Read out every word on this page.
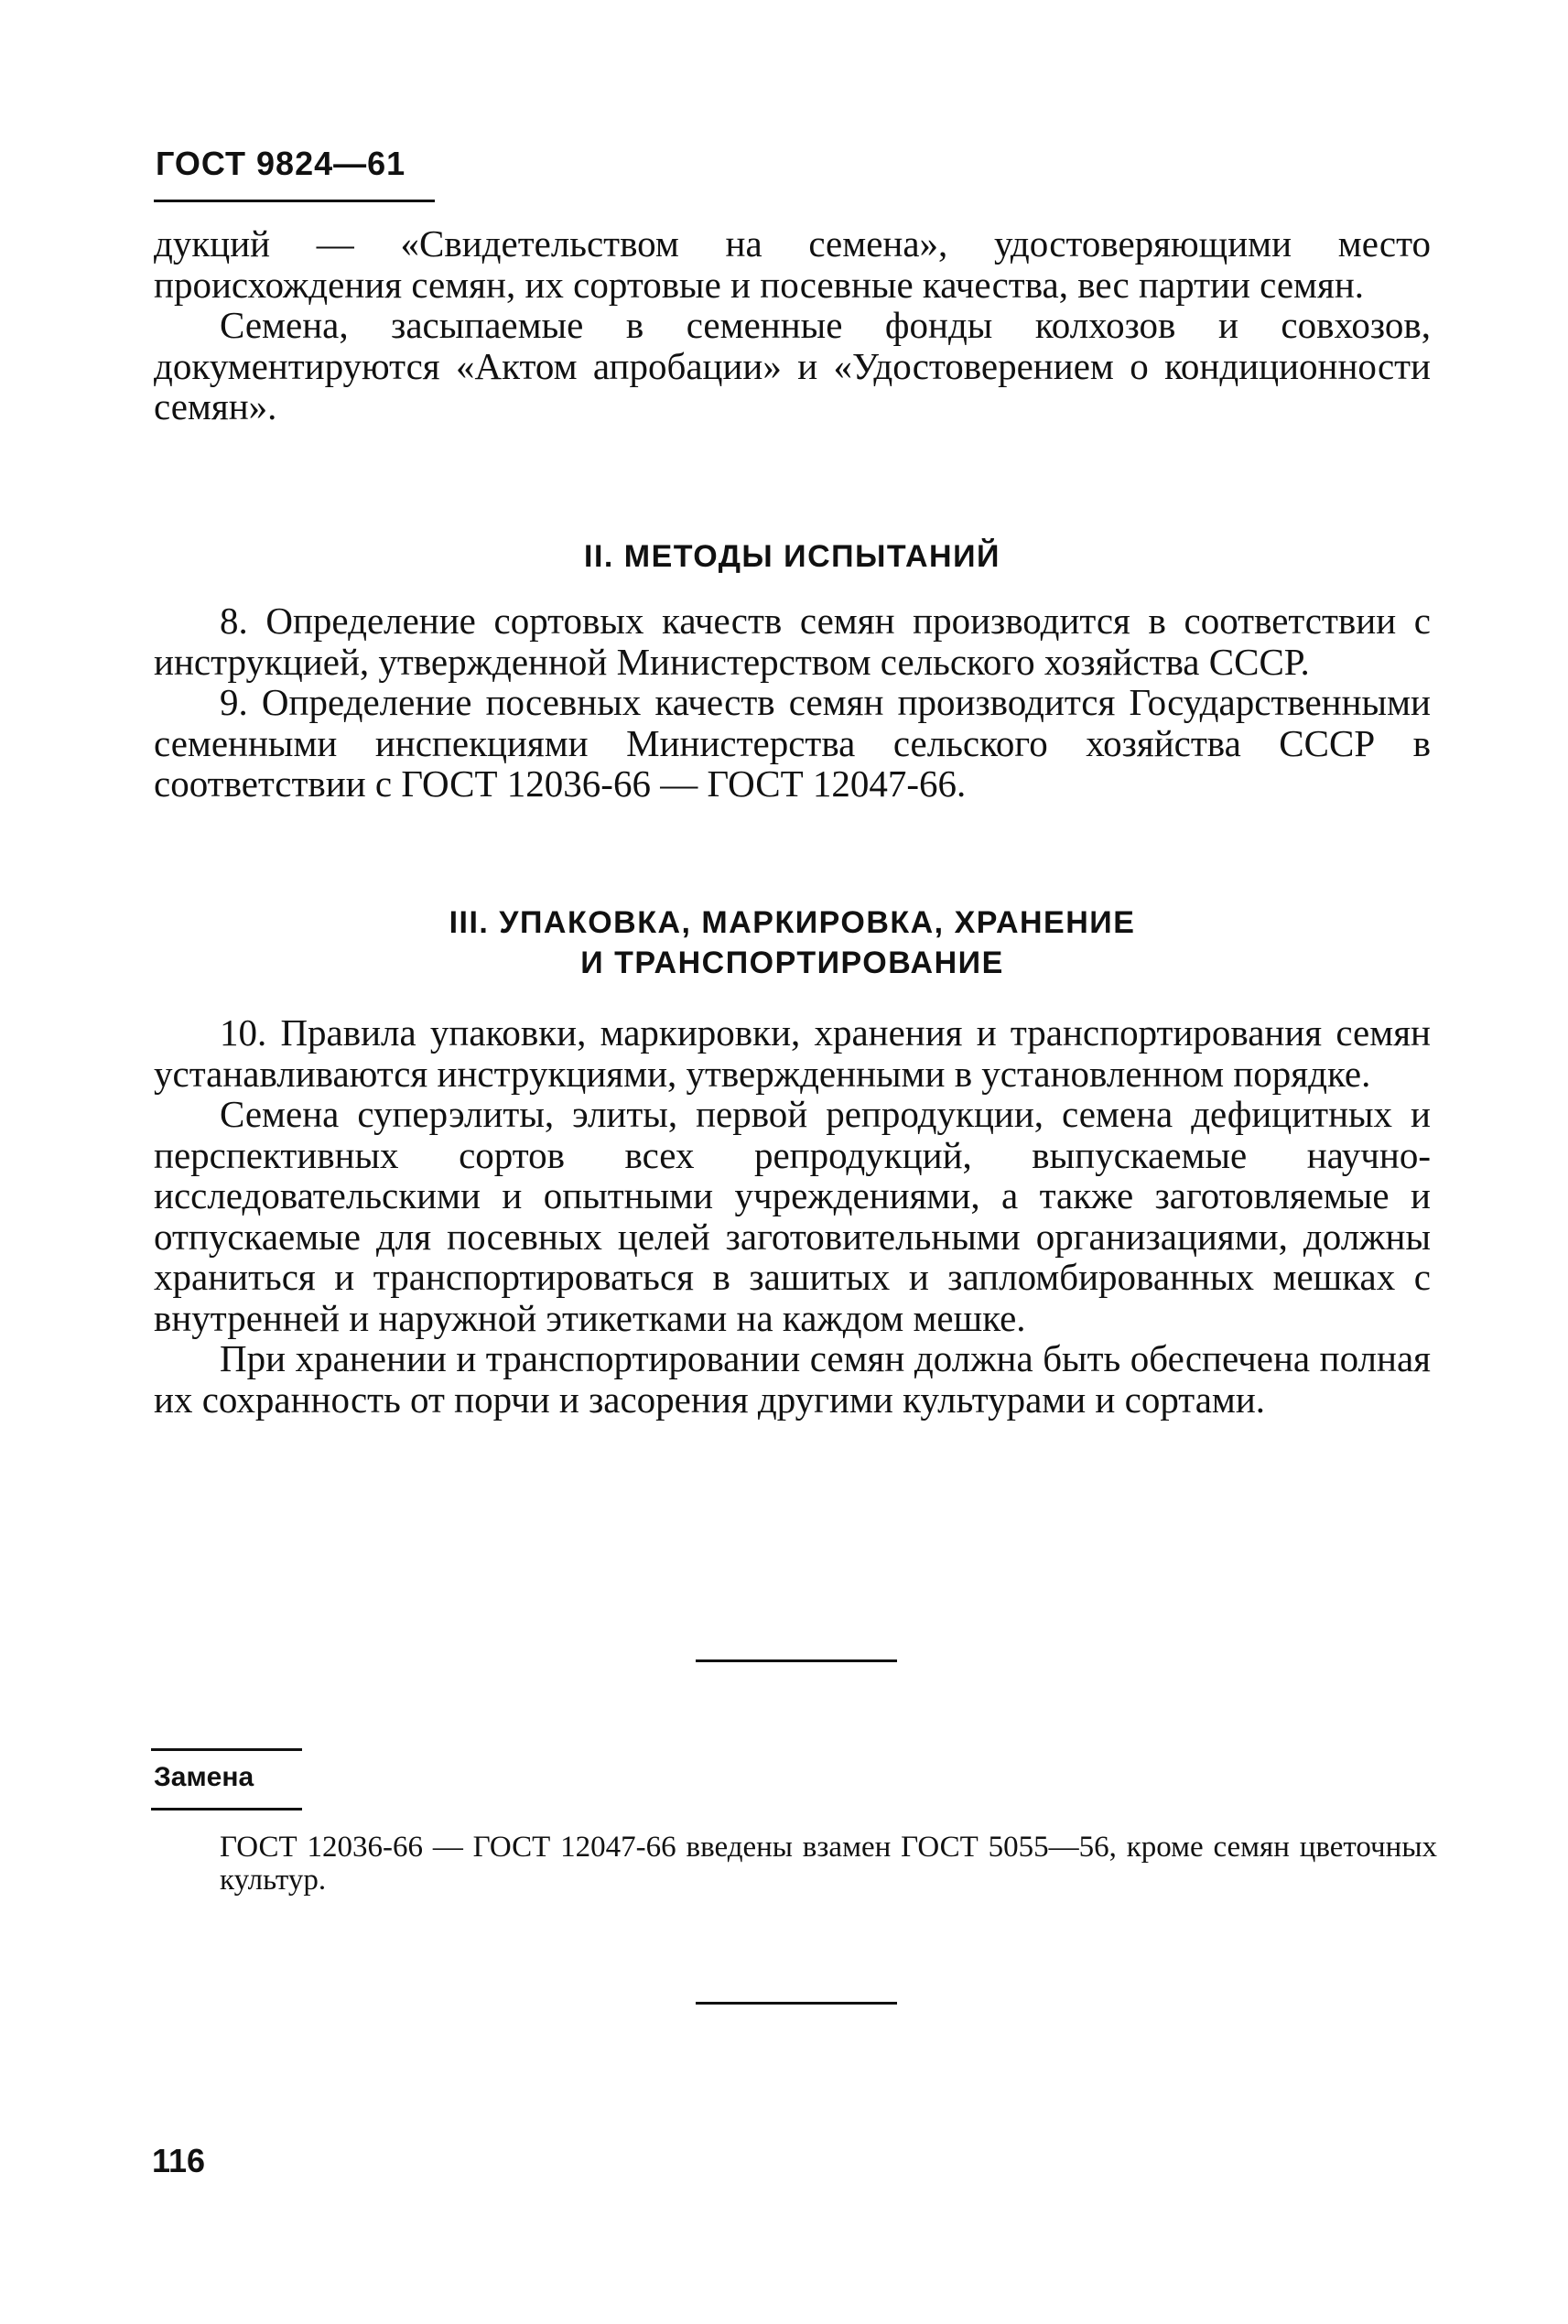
ГОСТ 9824—61

дукций — «Свидетельством на семена», удостоверяющими место происхождения семян, их сортовые и посевные качества, вес партии семян.

Семена, засыпаемые в семенные фонды колхозов и совхозов, документируются «Актом апробации» и «Удостоверением о кондиционности семян».

II. МЕТОДЫ ИСПЫТАНИЙ

8. Определение сортовых качеств семян производится в соответствии с инструкцией, утвержденной Министерством сельского хозяйства СССР.

9. Определение посевных качеств семян производится Государственными семенными инспекциями Министерства сельского хозяйства СССР в соответствии с ГОСТ 12036-66 — ГОСТ 12047-66.

III. УПАКОВКА, МАРКИРОВКА, ХРАНЕНИЕ
И ТРАНСПОРТИРОВАНИЕ

10. Правила упаковки, маркировки, хранения и транспортирования семян устанавливаются инструкциями, утвержденными в установленном порядке.

Семена суперэлиты, элиты, первой репродукции, семена дефицитных и перспективных сортов всех репродукций, выпускаемые научно-исследовательскими и опытными учреждениями, а также заготовляемые и отпускаемые для посевных целей заготовительными организациями, должны храниться и транспортироваться в зашитых и запломбированных мешках с внутренней и наружной этикетками на каждом мешке.

При хранении и транспортировании семян должна быть обеспечена полная их сохранность от порчи и засорения другими культурами и сортами.

Замена
ГОСТ 12036-66 — ГОСТ 12047-66 введены взамен ГОСТ 5055—56, кроме семян цветочных культур.
116
